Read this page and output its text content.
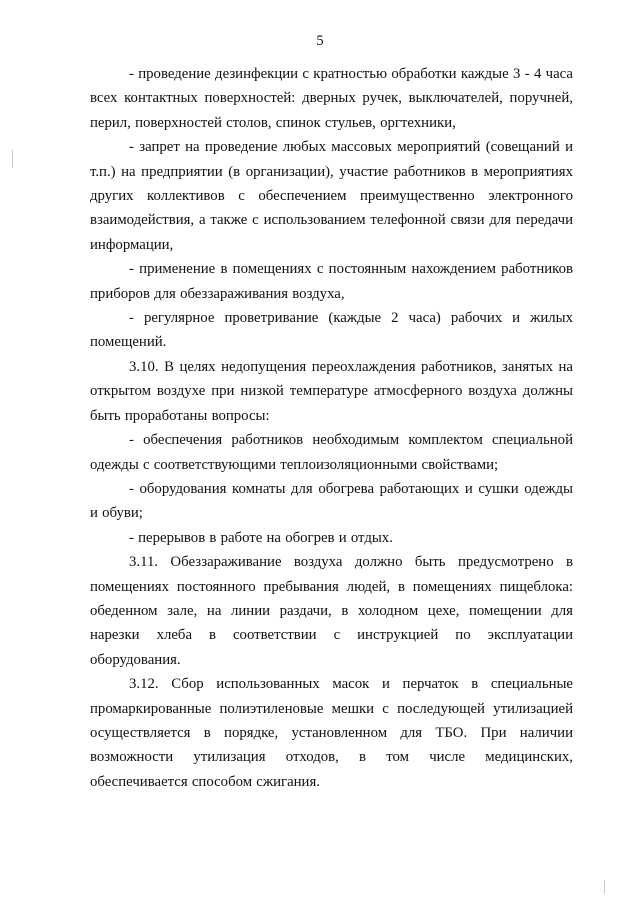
5

- проведение дезинфекции с кратностью обработки каждые 3 - 4 часа всех контактных поверхностей: дверных ручек, выключателей, поручней, перил, поверхностей столов, спинок стульев, оргтехники,

- запрет на проведение любых массовых мероприятий (совещаний и т.п.) на предприятии (в организации), участие работников в мероприятиях других коллективов с обеспечением преимущественно электронного взаимодействия, а также с использованием телефонной связи для передачи информации,

- применение в помещениях с постоянным нахождением работников приборов для обеззараживания воздуха,

- регулярное проветривание (каждые 2 часа) рабочих и жилых помещений.

3.10. В целях недопущения переохлаждения работников, занятых на открытом воздухе при низкой температуре атмосферного воздуха должны быть проработаны вопросы:

- обеспечения работников необходимым комплектом специальной одежды с соответствующими теплоизоляционными свойствами;

- оборудования комнаты для обогрева работающих и сушки одежды и обуви;

- перерывов в работе на обогрев и отдых.

3.11. Обеззараживание воздуха должно быть предусмотрено в помещениях постоянного пребывания людей, в помещениях пищеблока: обеденном зале, на линии раздачи, в холодном цехе, помещении для нарезки хлеба в соответствии с инструкцией по эксплуатации оборудования.

3.12. Сбор использованных масок и перчаток в специальные промаркированные полиэтиленовые мешки с последующей утилизацией осуществляется в порядке, установленном для ТБО. При наличии возможности утилизация отходов, в том числе медицинских, обеспечивается способом сжигания.
